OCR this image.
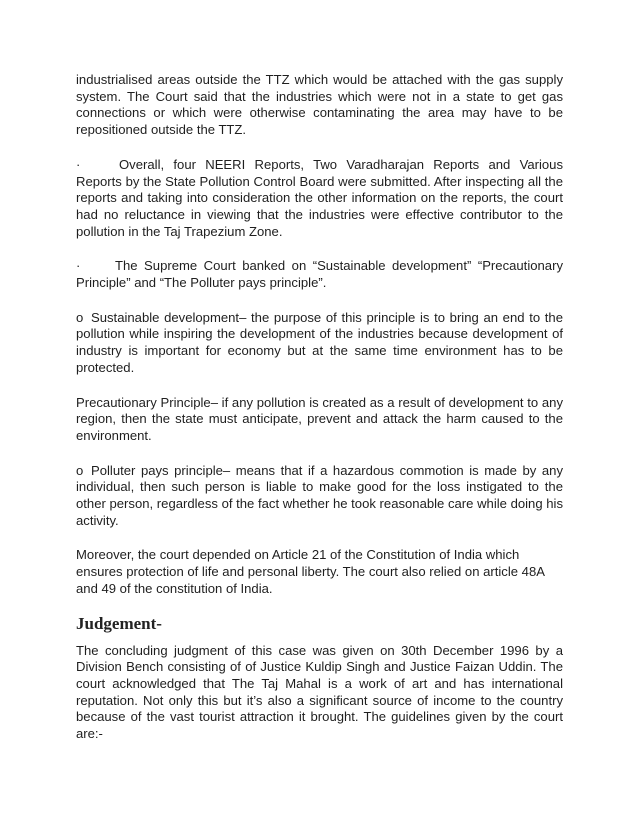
industrialised areas outside the TTZ which would be attached with the gas supply system. The Court said that the industries which were not in a state to get gas connections or which were otherwise contaminating the area may have to be repositioned outside the TTZ.

·	Overall, four NEERI Reports, Two Varadharajan Reports and Various Reports by the State Pollution Control Board were submitted. After inspecting all the reports and taking into consideration the other information on the reports, the court had no reluctance in viewing that the industries were effective contributor to the pollution in the Taj Trapezium Zone.

·	The Supreme Court banked on “Sustainable development” “Precautionary Principle” and “The Polluter pays principle”.

o Sustainable development– the purpose of this principle is to bring an end to the pollution while inspiring the development of the industries because development of industry is important for economy but at the same time environment has to be protected.

Precautionary Principle– if any pollution is created as a result of development to any region, then the state must anticipate, prevent and attack the harm caused to the environment.

o Polluter pays principle– means that if a hazardous commotion is made by any individual, then such person is liable to make good for the loss instigated to the other person, regardless of the fact whether he took reasonable care while doing his activity.

Moreover, the court depended on Article 21 of the Constitution of India which ensures protection of life and personal liberty. The court also relied on article 48A and 49 of the constitution of India.

Judgement-

The concluding judgment of this case was given on 30th December 1996 by a Division Bench consisting of of Justice Kuldip Singh and Justice Faizan Uddin. The court acknowledged that The Taj Mahal is a work of art and has international reputation. Not only this but it’s also a significant source of income to the country because of the vast tourist attraction it brought. The guidelines given by the court are:-
